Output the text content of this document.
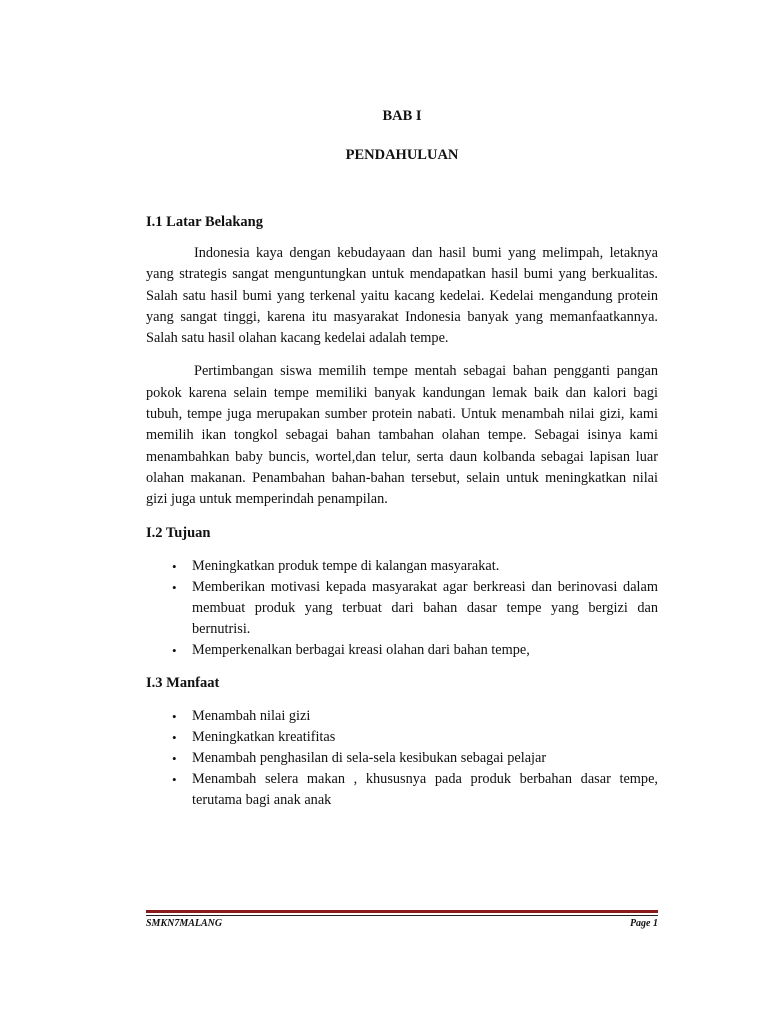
BAB I
PENDAHULUAN
I.1 Latar Belakang

Indonesia kaya dengan kebudayaan dan hasil bumi yang melimpah, letaknya yang strategis sangat menguntungkan untuk mendapatkan hasil bumi yang berkualitas. Salah satu hasil bumi yang terkenal yaitu kacang kedelai. Kedelai mengandung protein yang sangat tinggi, karena itu masyarakat Indonesia banyak yang memanfaatkannya. Salah satu hasil olahan kacang kedelai adalah tempe.

Pertimbangan siswa memilih tempe mentah sebagai bahan pengganti pangan pokok karena selain tempe memiliki banyak kandungan lemak baik dan kalori bagi tubuh, tempe juga merupakan sumber protein nabati. Untuk menambah nilai gizi, kami memilih ikan tongkol sebagai bahan tambahan olahan tempe. Sebagai isinya kami menambahkan baby buncis, wortel,dan telur, serta daun kolbanda sebagai lapisan luar olahan makanan. Penambahan bahan-bahan tersebut, selain untuk meningkatkan nilai gizi juga untuk memperindah penampilan.

I.2 Tujuan
• Meningkatkan produk tempe di kalangan masyarakat.
• Memberikan motivasi kepada masyarakat agar berkreasi dan berinovasi dalam membuat produk yang terbuat dari bahan dasar tempe yang bergizi dan bernutrisi.
• Memperkenalkan berbagai kreasi olahan dari bahan tempe,
I.3 Manfaat
• Menambah nilai gizi
• Meningkatkan kreatifitas
• Menambah penghasilan di sela-sela kesibukan sebagai pelajar
• Menambah selera makan , khususnya pada produk berbahan dasar tempe, terutama bagi anak anak
SMKN7MALANG	Page 1
